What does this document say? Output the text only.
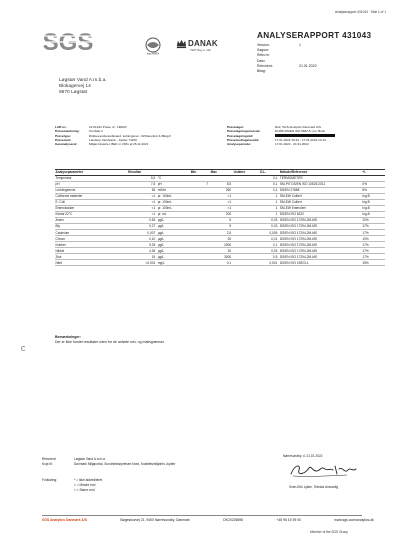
Analyserapport 431043 · Side 1 of 1
SGS	ilac-MRA
DANAK
TEST Reg.nr. 420
ANALYSERAPPORT 431043
Version:	1
Sagsnr:
Rekv.nr:
Dato:
Rekvirent:	21.01.2022
Bilag:
Løgstør Vand A.m.b.a.
Blokagervej 14
9670 Løgstør
LAB nr.:	22 01424 Prøve nr.: 1M020
Prøvemærkning:	Område 2
Prøvetype:	Drikkevandsvandkvand, ledningsnet - Driftskontrol & Bilag F
Prøvested:	Landsup Vandværk - Jupiter 71150
Genanalyseret:	Miljøministeriet, BEK nr 2361 af 26.11.2021
Prøvetager:	Rek; SGS Analytics Danmark A/S
Prøvetagningsmetode:	M-005 DS/EN ISO 5667-5, mv. Buch
Prøvetagningstid:
Prøvemodtagelsestid:	17.01.2022 10:44 - 17.01.2022 12:44
Analyseperiode:	17.01.2022 - 21.01.2022
Analyseparameter	Resultat		Min	Max	Usikker	D.L.	Metode/Reference	+/-
Temperatur	5,5	°C				0,1	TERMOMETER	
pH	7,5	pH	7	8,5		0,1	SM-Pt7 DS/EN ISO 10523:2012	0%
Ledningsevne	54	mS/m		250		0,1	DS/EN 27888	5%
Coliforme bakterier	<1	pr. 100mL		<1		1	SM-EW Colilert	Ing.B
E. Coli	<1	pr. 100mL		<1		1	SM-EW Colilert	Ing.B
Enterokokker	<1	pr. 100mL		<1		1	SM-EW Enterolert	Ing.B
Kimtal 22°C	<1	pr. mL		200		1	DS/EN ISO 6222	Ing.B
Arsen	0,63	µg/L		5		0,03	DS/EN ISO 17294-2M-MS	20%
Bly	0,27	µg/L		5		0,03	DS/EN ISO 17294-2M-MS	17%
Cadmium	0,007	µg/L		2,5		0,005	DS/EN ISO 17294-2M-MS	17%
Chrom	0,10	µg/L		20		0,01	DS/EN ISO 17294-2M-MS	10%
Kobber	9,25	µg/L		2000		0,1	DS/EN ISO 17294-2M-MS	17%
Nikkel	4,26	µg/L		20		0,03	DS/EN ISO 17294-2M-MS	17%
Zink	15	µg/L		3000		0,5	DS/EN ISO 17294-2M-MS	17%
Nitrit	<0,001	mg/L		0,1		0,001	DS/EN ISO 15923-1	15%
Bemærkninger:
Der er ikke fundet resultater uden for de anførte min- og maksgrænser.
Rekvirent:	Løgstør Vand A.m.b.a.
Kopi til:	Danmark Miljøportal, Sundhedsstyrelsen Nord, Kvalitetsmiljøinfo Jupiter

Forklaring:	* = Ikke akkrediteret
< = Mindre end
> = Større end
Nørresundby, d. 21.01.2022
Sven-Erik Lykke, Teknisk Ansvarlig
SGS Analytics Danmark A/S	Bøgeskovvej 21, 9400 Nørresundby, Danmark	DK20226896	+45 96 19 39 00	www.sgs.com/analytics-dk
Member of the SGS Group
